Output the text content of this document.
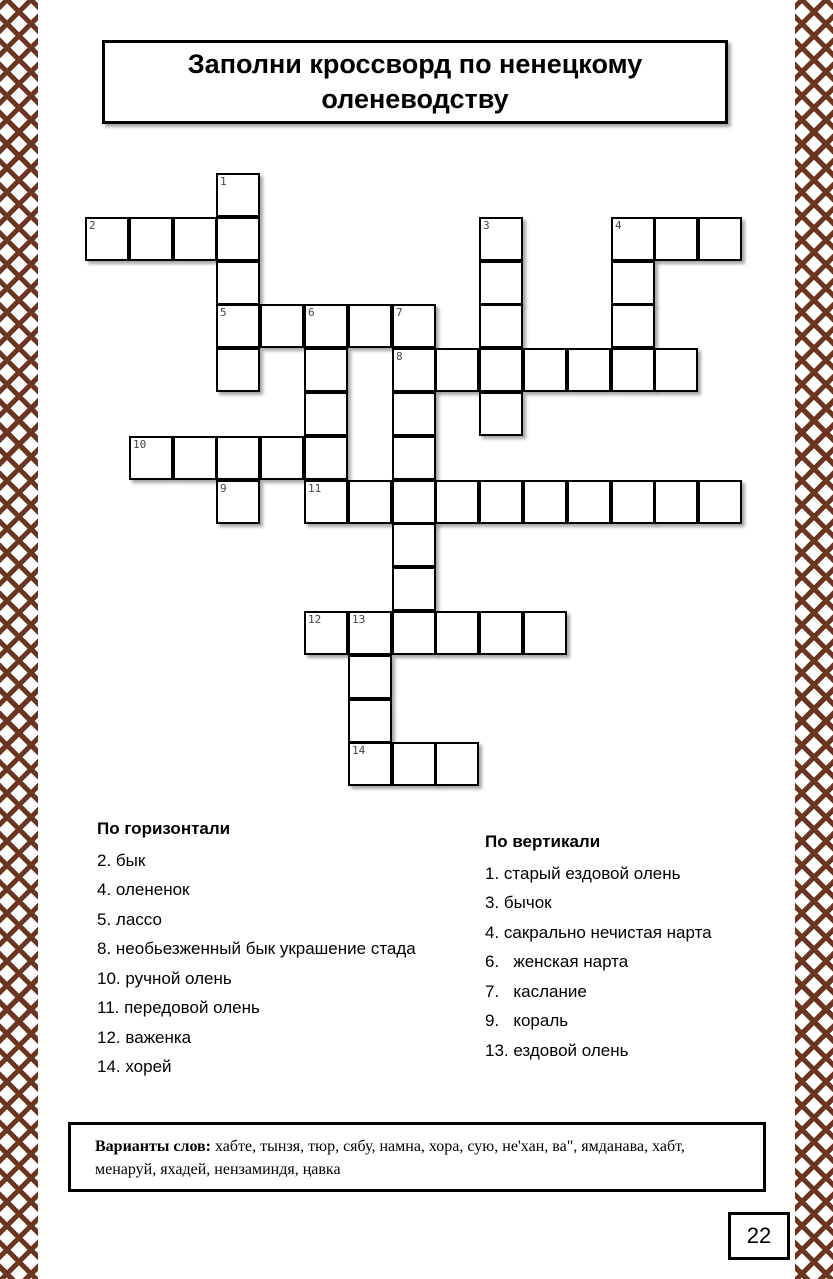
Заполни кроссворд по ненецкому оленеводству
1
2	3	4
5	6	7
8
10
9	11
12	13
14
По горизонтали
2. бык
4. олененок
5. лассо
8. необьезженный бык украшение стада
10. ручной олень
11. передовой олень
12. важенка
14. хорей
По вертикали
1. старый ездовой олень
3. бычок
4. сакрально нечистая нарта
6.   женская нарта
7.   каслание
9.   кораль
13. ездовой олень
Варианты слов: хабте, тынзя, тюр, сябу, намна, хора, сую, не'хан, ва", ямданава, хабт, менаруй, яхадей, нензаминдя, ңавка
22
